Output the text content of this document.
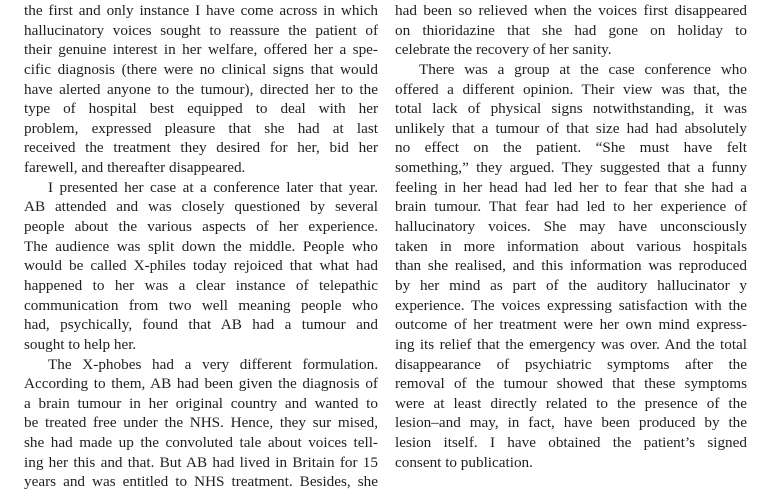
the first and only instance I have come across in which
hallucinatory voices sought to reassure the patient of
their genuine interest in her welfare, offered her a spe-
cific diagnosis (there were no clinical signs that would
have alerted anyone to the tumour), directed her to the
type of hospital best equipped to deal with her
problem, expressed pleasure that she had at last
received the treatment they desired for her, bid her
farewell, and thereafter disappeared.
I presented her case at a conference later that year.
AB attended and was closely questioned by several
people about the various aspects of her experience.
The audience was split down the middle. People who
would be called X-philes today rejoiced that what had
happened to her was a clear instance of telepathic
communication from two well meaning people who
had, psychically, found that AB had a tumour and
sought to help her.
The X-phobes had a very different formulation.
According to them, AB had been given the diagnosis of
a brain tumour in her original country and wanted to
be treated free under the NHS. Hence, they sur mised,
she had made up the convoluted tale about voices tell-
ing her this and that. But AB had lived in Britain for 15
years and was entitled to NHS treatment. Besides, she
had been so relieved when the voices first disappeared
on thioridazine that she had gone on holiday to
celebrate the recovery of her sanity.
There was a group at the case conference who
offered a different opinion. Their view was that, the
total lack of physical signs notwithstanding, it was
unlikely that a tumour of that size had had absolutely
no effect on the patient. “She must have felt
something,” they argued. They suggested that a funny
feeling in her head had led her to fear that she had a
brain tumour. That fear had led to her experience of
hallucinatory voices. She may have unconsciously
taken in more information about various hospitals
than she realised, and this information was reproduced
by her mind as part of the auditory hallucinator y
experience. The voices expressing satisfaction with the
outcome of her treatment were her own mind express-
ing its relief that the emergency was over. And the total
disappearance of psychiatric symptoms after the
removal of the tumour showed that these symptoms
were at least directly related to the presence of the
lesion–and may, in fact, have been produced by the
lesion itself. I have obtained the patient’s signed
consent to publication.
